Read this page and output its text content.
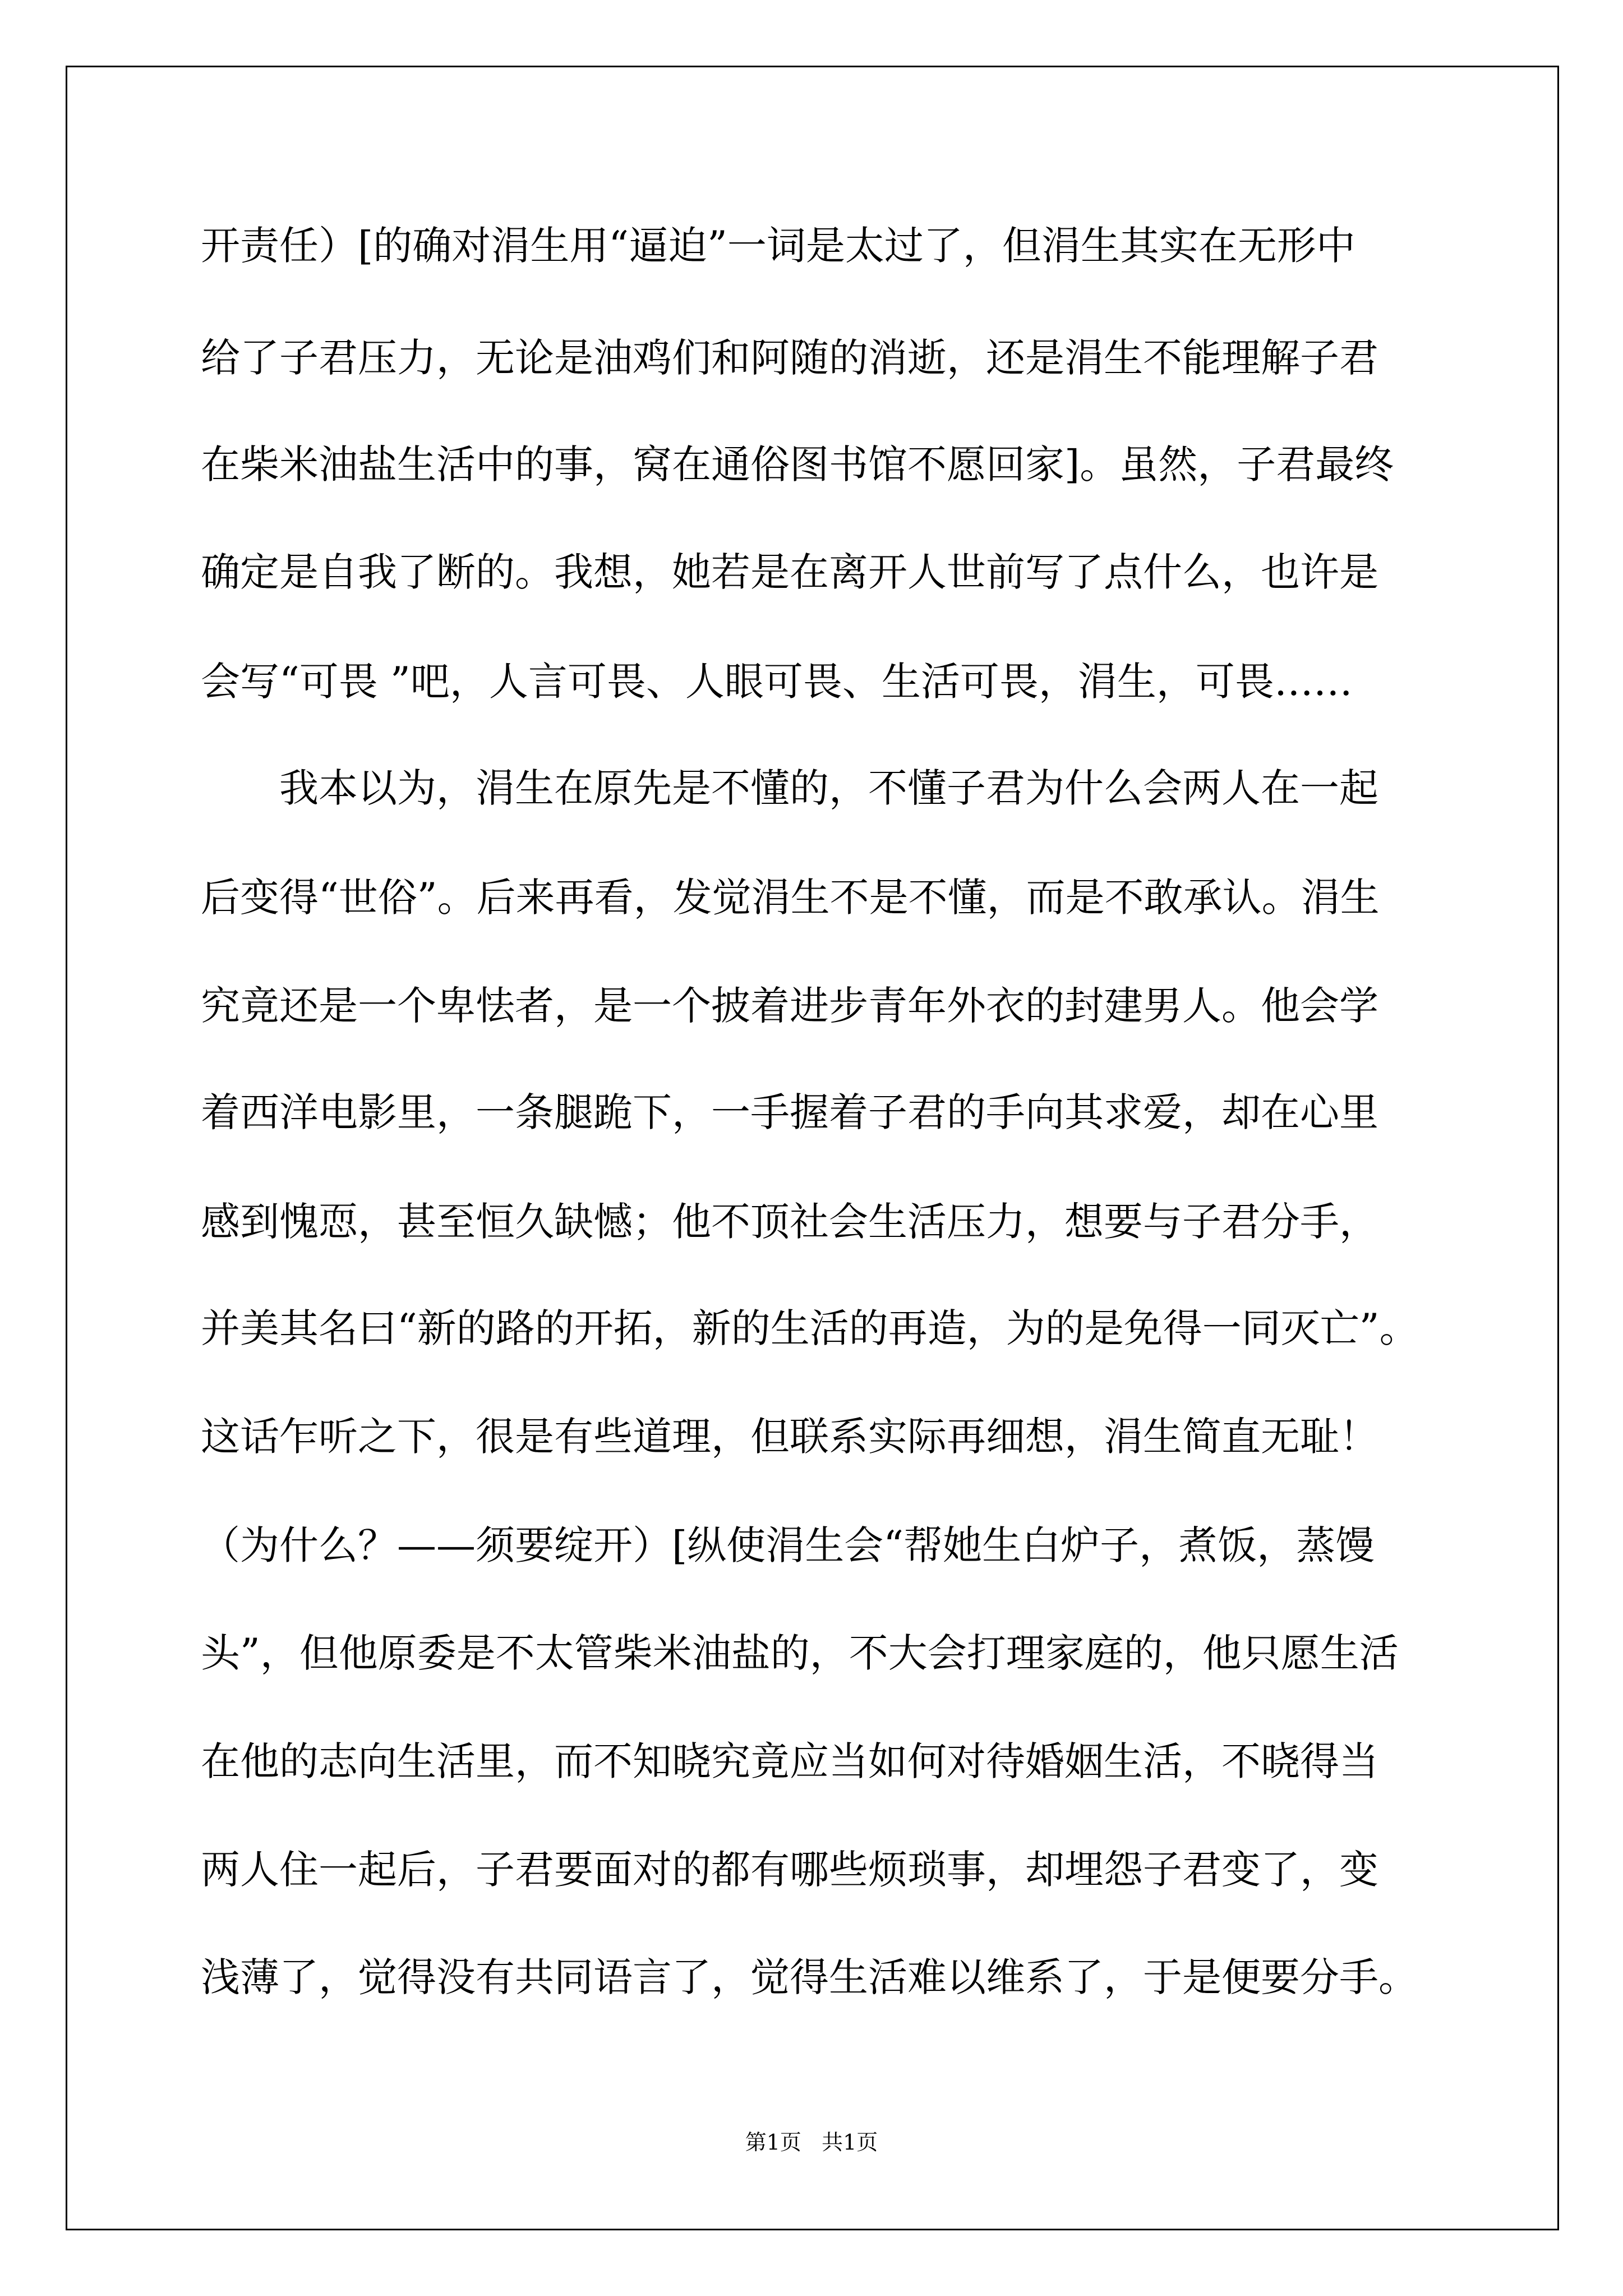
开责任）[的确对涓生用“逼迫”一词是太过了，但涓生其实在无形中
给了子君压力，无论是油鸡们和阿随的消逝，还是涓生不能理解子君
在柴米油盐生活中的事，窝在通俗图书馆不愿回家]。虽然，子君最终
确定是自我了断的。我想，她若是在离开人世前写了点什么，也许是
会写“可畏 ”吧，人言可畏、人眼可畏、生活可畏，涓生，可畏……
我本以为，涓生在原先是不懂的，不懂子君为什么会两人在一起
后变得“世俗”。后来再看，发觉涓生不是不懂，而是不敢承认。涓生
究竟还是一个卑怯者，是一个披着进步青年外衣的封建男人。他会学
着西洋电影里，一条腿跪下，一手握着子君的手向其求爱，却在心里
感到愧恧，甚至恒久缺憾；他不顶社会生活压力，想要与子君分手，
并美其名曰“新的路的开拓，新的生活的再造，为的是免得一同灭亡”。
这话乍听之下，很是有些道理，但联系实际再细想，涓生简直无耻！
（为什么？——须要绽开）[纵使涓生会“帮她生白炉子，煮饭，蒸馒
头”，但他原委是不太管柴米油盐的，不大会打理家庭的，他只愿生活
在他的志向生活里，而不知晓究竟应当如何对待婚姻生活，不晓得当
两人住一起后，子君要面对的都有哪些烦琐事，却埋怨子君变了，变
浅薄了，觉得没有共同语言了，觉得生活难以维系了，于是便要分手。
第1页   共1页
